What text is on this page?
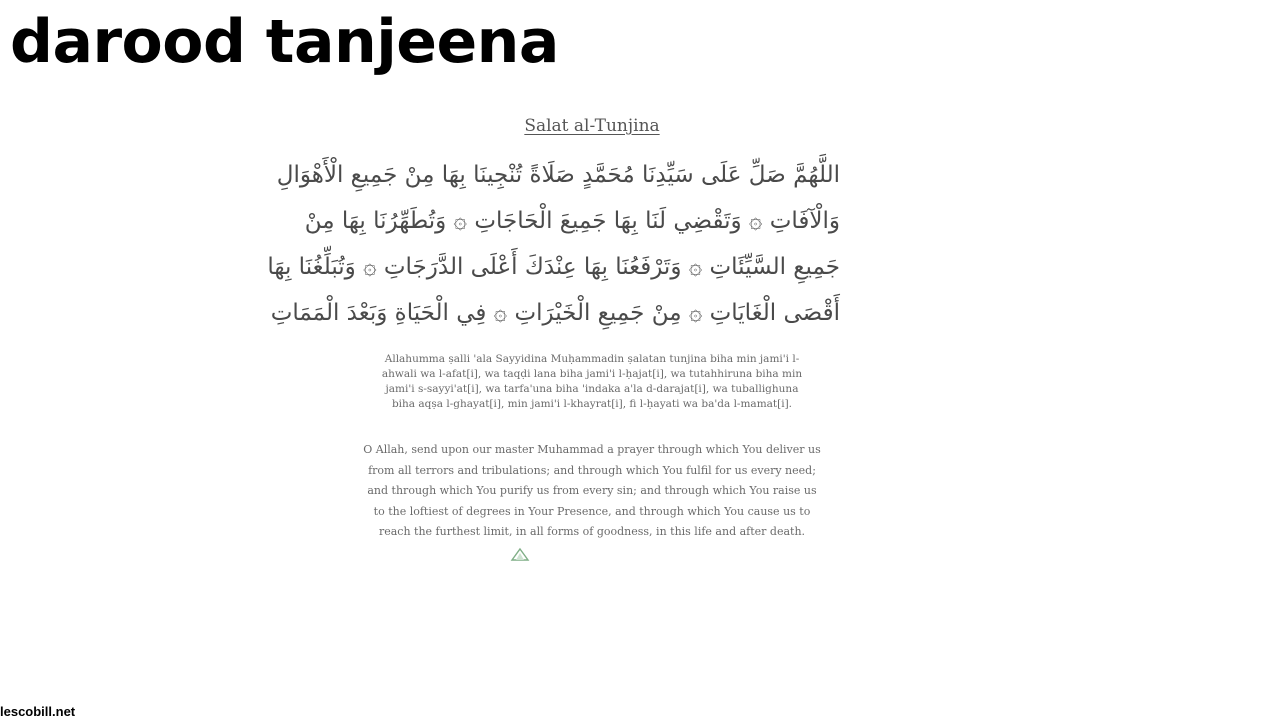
darood tanjeena
Salat al-Tunjina
اللَّهُمَّ صَلِّ عَلَى سَيِّدِنَا مُحَمَّدٍ صَلَاةً تُنْجِينَا بِهَا مِنْ جَمِيعِ الْأَهْوَالِ
وَالْآفَاتِ ۞ وَتَقْضِي لَنَا بِهَا جَمِيعَ الْحَاجَاتِ ۞ وَتُطَهِّرُنَا بِهَا مِنْ
جَمِيعِ السَّيِّئَاتِ ۞ وَتَرْفَعُنَا بِهَا عِنْدَكَ أَعْلَى الدَّرَجَاتِ ۞ وَتُبَلِّغُنَا بِهَا
أَقْصَى الْغَايَاتِ ۞ مِنْ جَمِيعِ الْخَيْرَاتِ ۞ فِي الْحَيَاةِ وَبَعْدَ الْمَمَاتِ
Allahumma ṣalli 'ala Sayyidina Muḥammadin ṣalatan tunjina biha min jami'i l-
ahwali wa l-afat[i], wa taqḍi lana biha jami'i l-ḥajat[i], wa tutahhiruna biha min
jami'i s-sayyi'at[i], wa tarfa'una biha 'indaka a'la d-darajat[i], wa tuballighuna
biha aqṣa l-ghayat[i], min jami'i l-khayrat[i], fi l-ḥayati wa ba'da l-mamat[i].
O Allah, send upon our master Muhammad a prayer through which You deliver us
from all terrors and tribulations; and through which You fulfil for us every need;
and through which You purify us from every sin; and through which You raise us
to the loftiest of degrees in Your Presence, and through which You cause us to
reach the furthest limit, in all forms of goodness, in this life and after death.
lescobill.net
